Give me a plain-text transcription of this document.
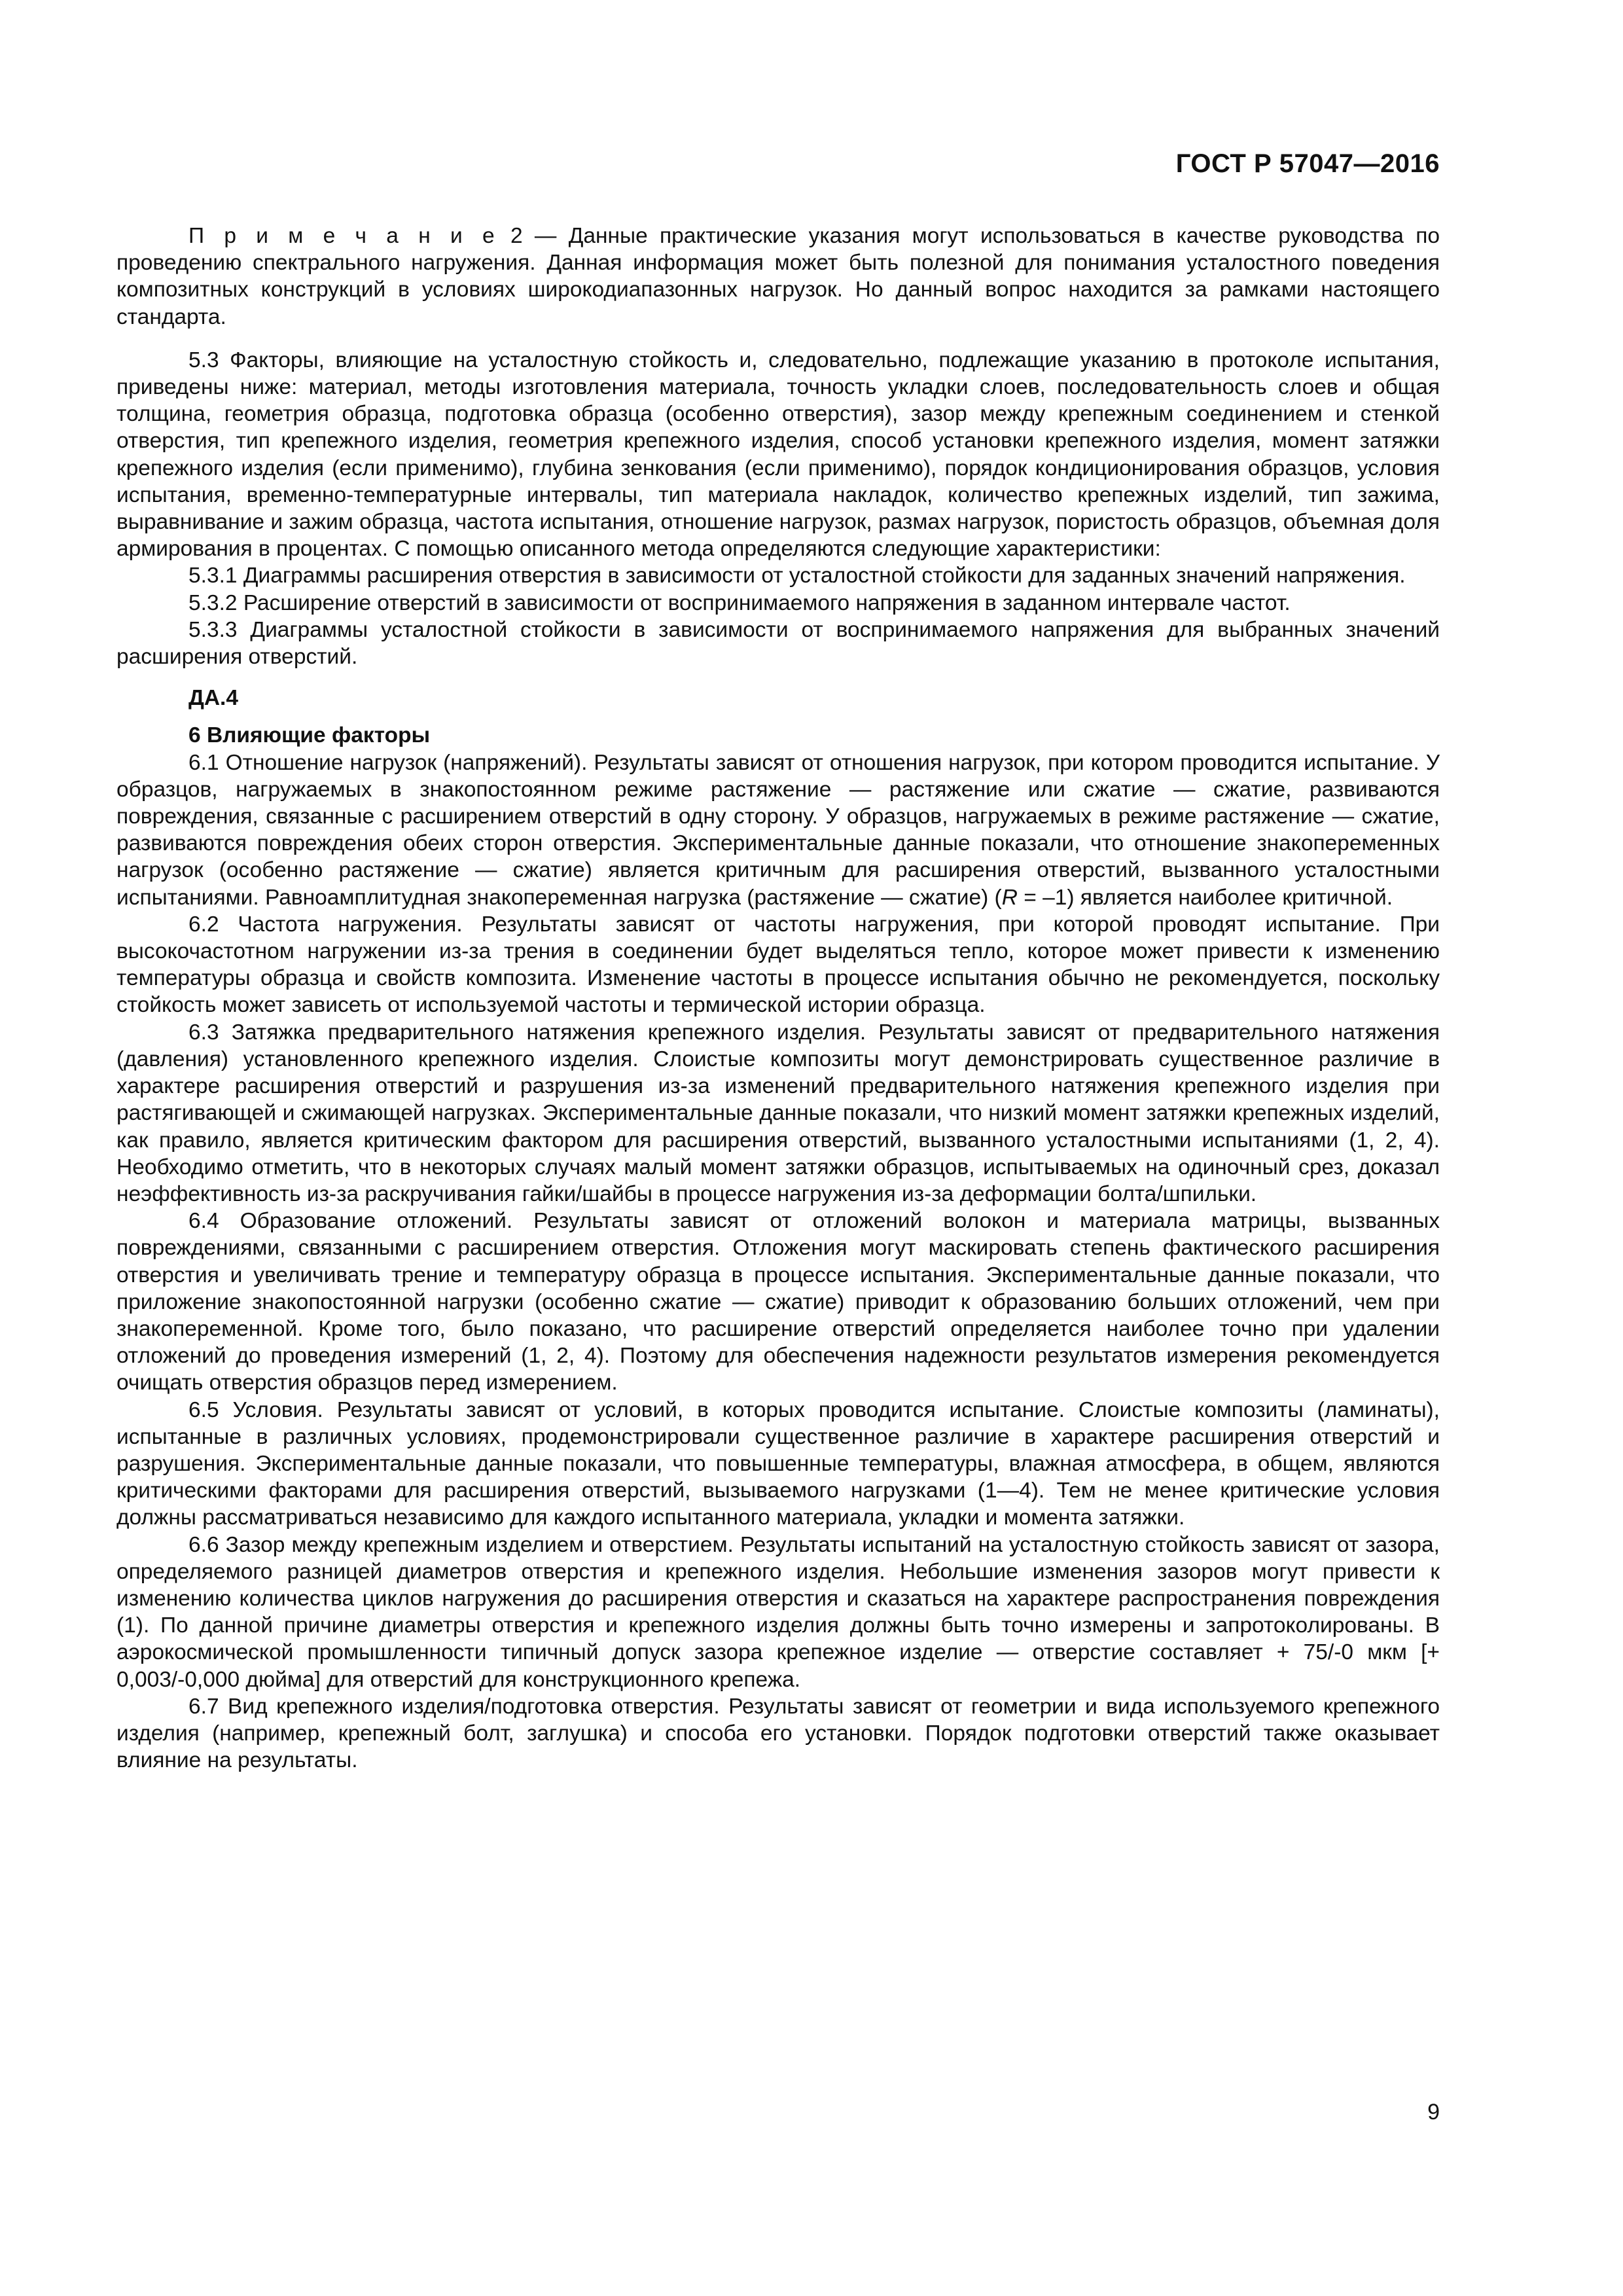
ГОСТ Р 57047—2016

П р и м е ч а н и е 2 — Данные практические указания могут использоваться в качестве руководства по проведению спектрального нагружения. Данная информация может быть полезной для понимания усталостного поведения композитных конструкций в условиях широкодиапазонных нагрузок. Но данный вопрос находится за рамками настоящего стандарта.

5.3 Факторы, влияющие на усталостную стойкость и, следовательно, подлежащие указанию в протоколе испытания, приведены ниже: материал, методы изготовления материала, точность укладки слоев, последовательность слоев и общая толщина, геометрия образца, подготовка образца (особенно отверстия), зазор между крепежным соединением и стенкой отверстия, тип крепежного изделия, геометрия крепежного изделия, способ установки крепежного изделия, момент затяжки крепежного изделия (если применимо), глубина зенкования (если применимо), порядок кондиционирования образцов, условия испытания, временно-температурные интервалы, тип материала накладок, количество крепежных изделий, тип зажима, выравнивание и зажим образца, частота испытания, отношение нагрузок, размах нагрузок, пористость образцов, объемная доля армирования в процентах. С помощью описанного метода определяются следующие характеристики:

5.3.1 Диаграммы расширения отверстия в зависимости от усталостной стойкости для заданных значений напряжения.

5.3.2 Расширение отверстий в зависимости от воспринимаемого напряжения в заданном интервале частот.

5.3.3 Диаграммы усталостной стойкости в зависимости от воспринимаемого напряжения для выбранных значений расширения отверстий.

ДА.4

6 Влияющие факторы

6.1 Отношение нагрузок (напряжений). Результаты зависят от отношения нагрузок, при котором проводится испытание. У образцов, нагружаемых в знакопостоянном режиме растяжение — растяжение или сжатие — сжатие, развиваются повреждения, связанные с расширением отверстий в одну сторону. У образцов, нагружаемых в режиме растяжение — сжатие, развиваются повреждения обеих сторон отверстия. Экспериментальные данные показали, что отношение знакопеременных нагрузок (особенно растяжение — сжатие) является критичным для расширения отверстий, вызванного усталостными испытаниями. Равноамплитудная знакопеременная нагрузка (растяжение — сжатие) (R = –1) является наиболее критичной.

6.2 Частота нагружения. Результаты зависят от частоты нагружения, при которой проводят испытание. При высокочастотном нагружении из-за трения в соединении будет выделяться тепло, которое может привести к изменению температуры образца и свойств композита. Изменение частоты в процессе испытания обычно не рекомендуется, поскольку стойкость может зависеть от используемой частоты и термической истории образца.

6.3 Затяжка предварительного натяжения крепежного изделия. Результаты зависят от предварительного натяжения (давления) установленного крепежного изделия. Слоистые композиты могут демонстрировать существенное различие в характере расширения отверстий и разрушения из-за изменений предварительного натяжения крепежного изделия при растягивающей и сжимающей нагрузках. Экспериментальные данные показали, что низкий момент затяжки крепежных изделий, как правило, является критическим фактором для расширения отверстий, вызванного усталостными испытаниями (1, 2, 4). Необходимо отметить, что в некоторых случаях малый момент затяжки образцов, испытываемых на одиночный срез, доказал неэффективность из-за раскручивания гайки/шайбы в процессе нагружения из-за деформации болта/шпильки.

6.4 Образование отложений. Результаты зависят от отложений волокон и материала матрицы, вызванных повреждениями, связанными с расширением отверстия. Отложения могут маскировать степень фактического расширения отверстия и увеличивать трение и температуру образца в процессе испытания. Экспериментальные данные показали, что приложение знакопостоянной нагрузки (особенно сжатие — сжатие) приводит к образованию больших отложений, чем при знакопеременной. Кроме того, было показано, что расширение отверстий определяется наиболее точно при удалении отложений до проведения измерений (1, 2, 4). Поэтому для обеспечения надежности результатов измерения рекомендуется очищать отверстия образцов перед измерением.

6.5 Условия. Результаты зависят от условий, в которых проводится испытание. Слоистые композиты (ламинаты), испытанные в различных условиях, продемонстрировали существенное различие в характере расширения отверстий и разрушения. Экспериментальные данные показали, что повышенные температуры, влажная атмосфера, в общем, являются критическими факторами для расширения отверстий, вызываемого нагрузками (1—4). Тем не менее критические условия должны рассматриваться независимо для каждого испытанного материала, укладки и момента затяжки.

6.6 Зазор между крепежным изделием и отверстием. Результаты испытаний на усталостную стойкость зависят от зазора, определяемого разницей диаметров отверстия и крепежного изделия. Небольшие изменения зазоров могут привести к изменению количества циклов нагружения до расширения отверстия и сказаться на характере распространения повреждения (1). По данной причине диаметры отверстия и крепежного изделия должны быть точно измерены и запротоколированы. В аэрокосмической промышленности типичный допуск зазора крепежное изделие — отверстие составляет + 75/-0 мкм [+ 0,003/-0,000 дюйма] для отверстий для конструкционного крепежа.

6.7 Вид крепежного изделия/подготовка отверстия. Результаты зависят от геометрии и вида используемого крепежного изделия (например, крепежный болт, заглушка) и способа его установки. Порядок подготовки отверстий также оказывает влияние на результаты.

9
